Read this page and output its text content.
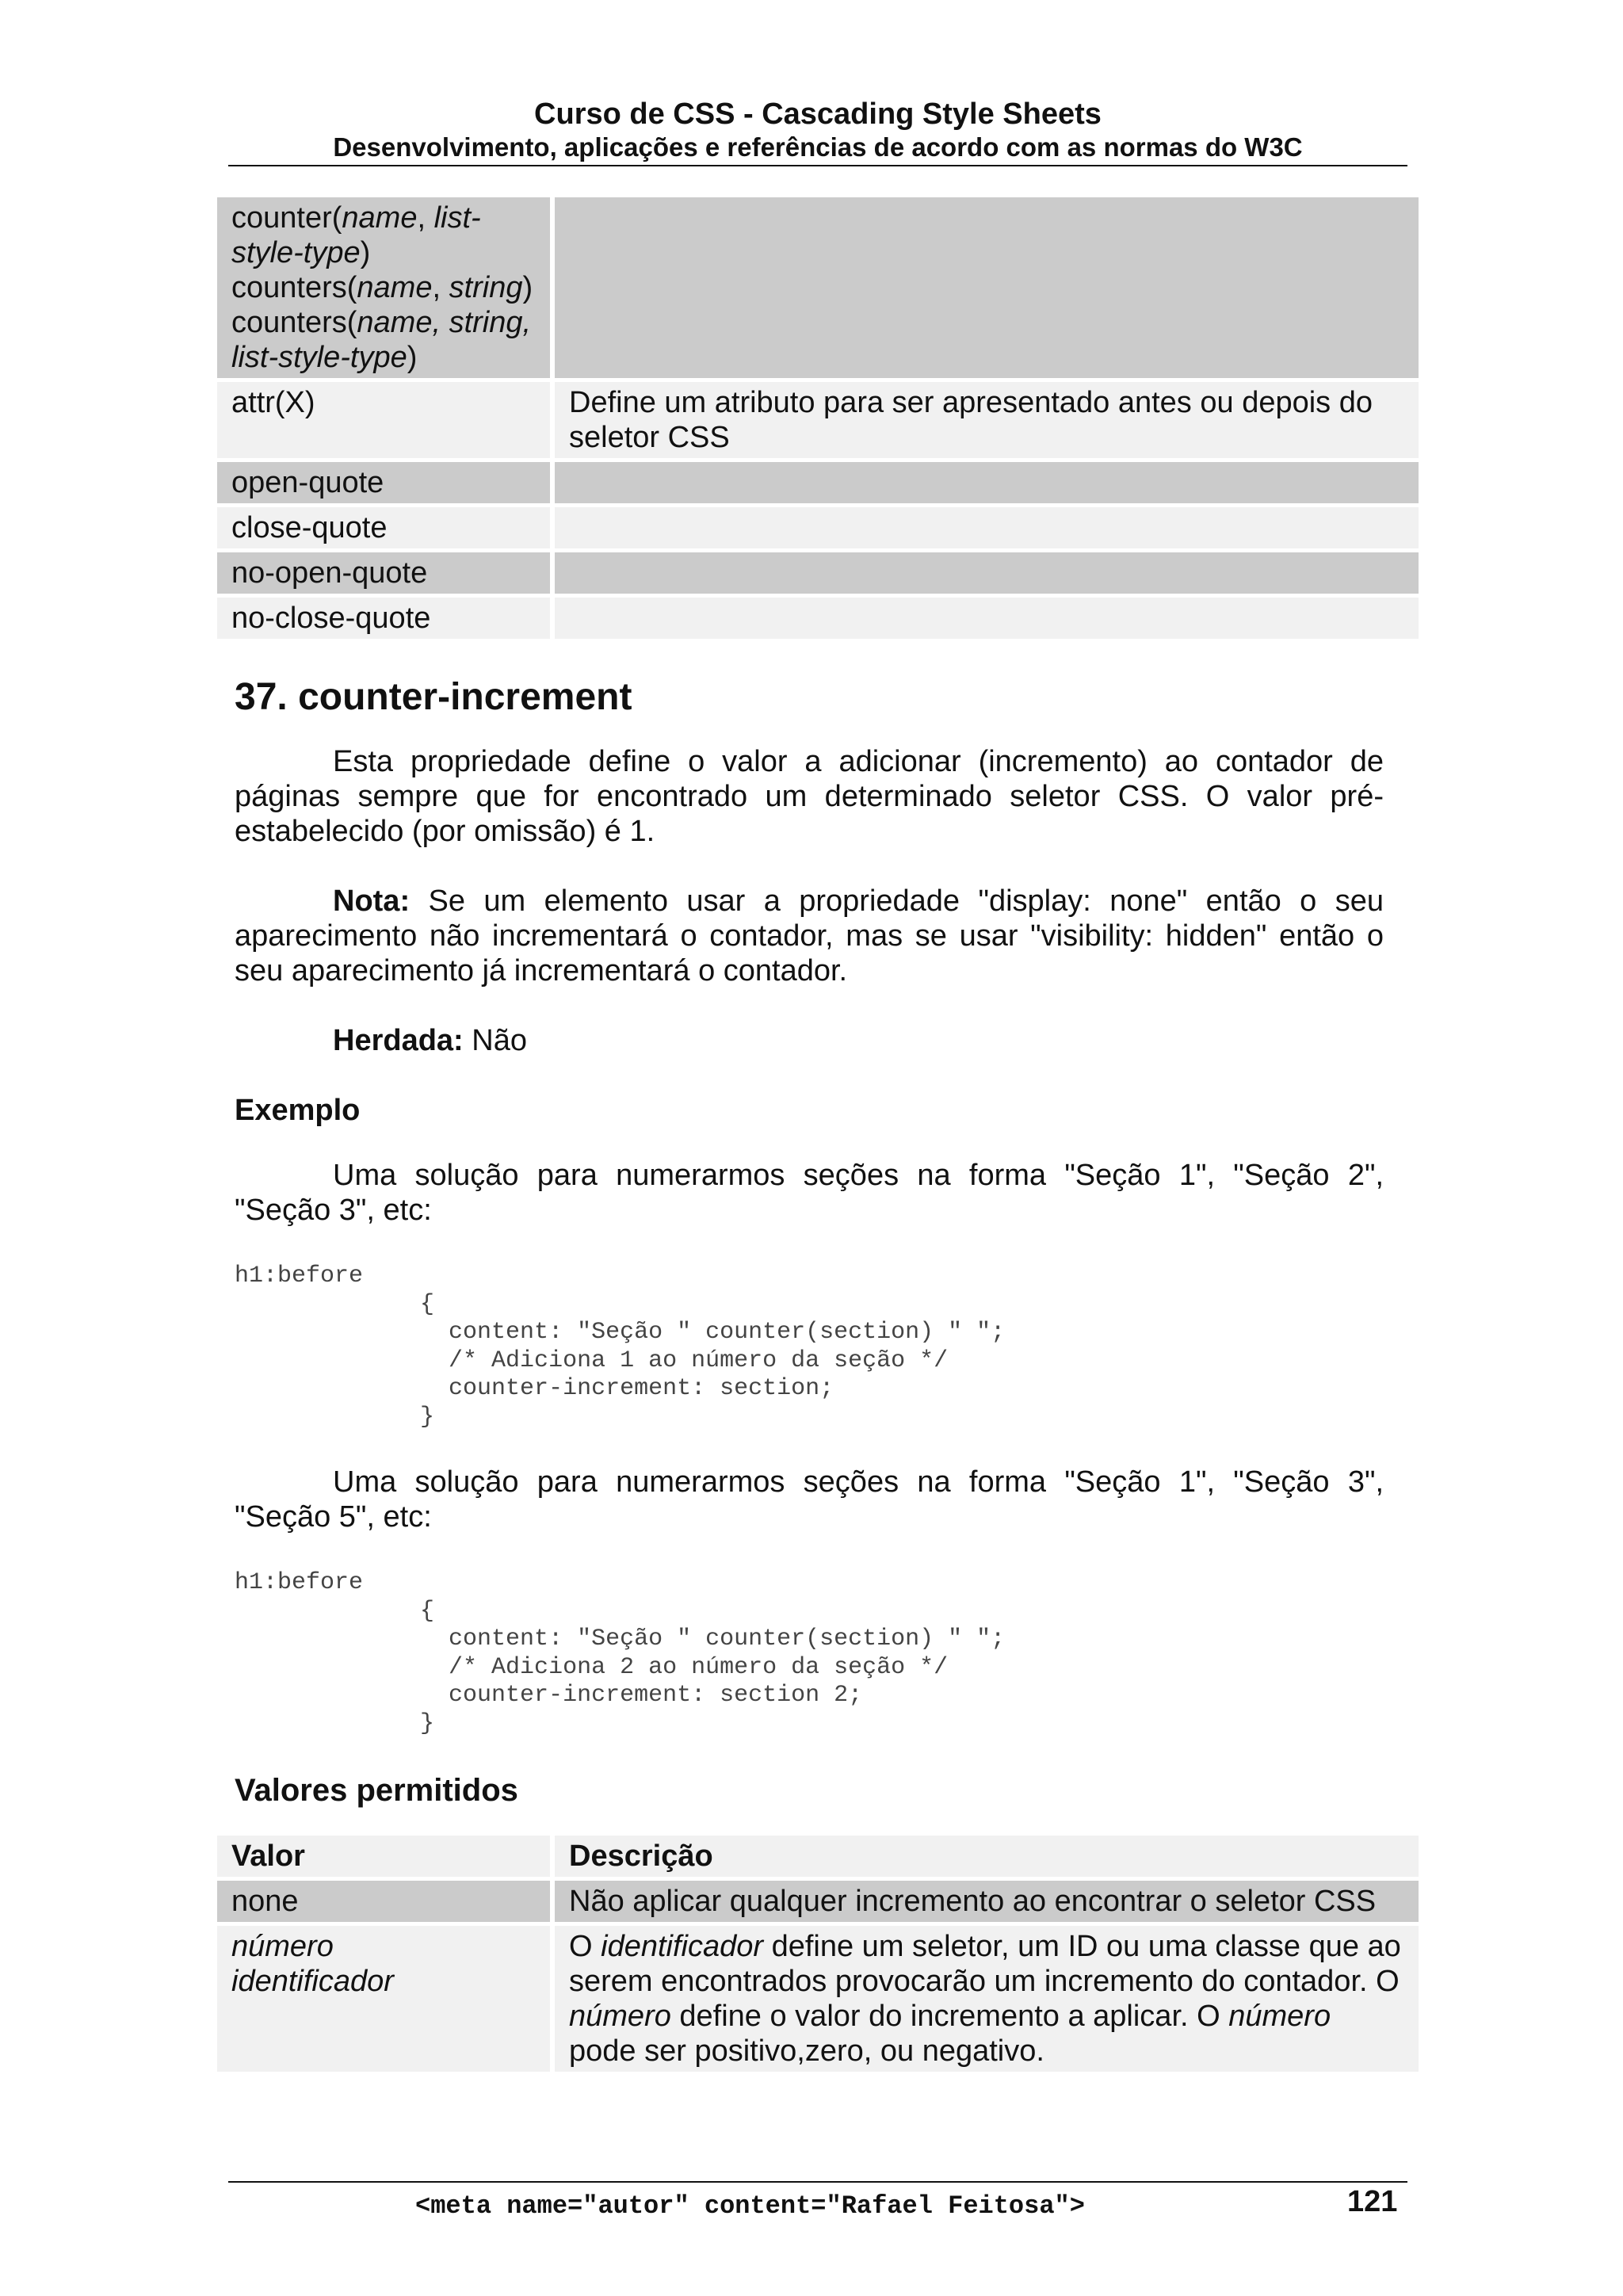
Curso de CSS - Cascading Style Sheets
Desenvolvimento, aplicações e referências de acordo com as normas do W3C
counter(name, list-style-type) counters(name, string) counters(name, string, list-style-type)	
attr(X)	Define um atributo para ser apresentado antes ou depois do seletor CSS
open-quote	
close-quote	
no-open-quote	
no-close-quote	
37. counter-increment

Esta propriedade define o valor a adicionar (incremento) ao contador de páginas sempre que for encontrado um determinado seletor CSS. O valor pré-estabelecido (por omissão) é 1.

Nota: Se um elemento usar a propriedade "display: none" então o seu aparecimento não incrementará o contador, mas se usar "visibility: hidden" então o seu aparecimento já incrementará o contador.

Herdada: Não

Exemplo

Uma solução para numerarmos seções na forma "Seção 1", "Seção 2", "Seção 3", etc:

h1:before
{
content: "Seção " counter(section) " ";
/* Adiciona 1 ao número da seção */
counter-increment: section;
}

Uma solução para numerarmos seções na forma "Seção 1", "Seção 3", "Seção 5", etc:

h1:before
{
content: "Seção " counter(section) " ";
/* Adiciona 2 ao número da seção */
counter-increment: section 2;
}
Valores permitidos
Valor	Descrição
none	Não aplicar qualquer incremento ao encontrar o seletor CSS
número
identificador	O identificador define um seletor, um ID ou uma classe que ao serem encontrados provocarão um incremento do contador. O número define o valor do incremento a aplicar. O número pode ser positivo,zero, ou negativo.
<meta name="autor" content="Rafael Feitosa">	121
